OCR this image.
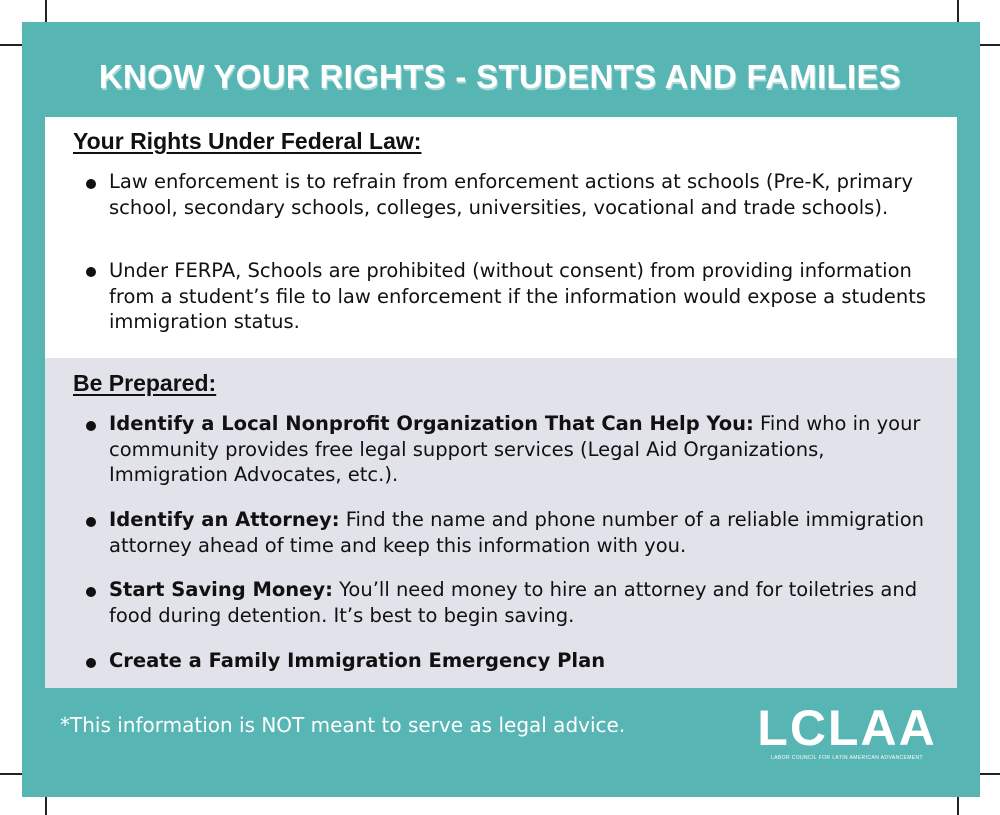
KNOW YOUR RIGHTS - STUDENTS AND FAMILIES
Your Rights Under Federal Law:
Law enforcement is to refrain from enforcement actions at schools (Pre-K, primary school, secondary schools, colleges, universities, vocational and trade schools).
Under FERPA, Schools are prohibited (without consent) from providing information from a student’s file to law enforcement if the information would expose a students immigration status.
Be Prepared:
Identify a Local Nonprofit Organization That Can Help You: Find who in your community provides free legal support services (Legal Aid Organizations, Immigration Advocates, etc.).
Identify an Attorney: Find the name and phone number of a reliable immigration attorney ahead of time and keep this information with you.
Start Saving Money: You’ll need money to hire an attorney and for toiletries and food during detention. It’s best to begin saving.
Create a Family Immigration Emergency Plan
*This information is NOT meant to serve as legal advice.	LCLAA
LABOR COUNCIL FOR LATIN AMERICAN ADVANCEMENT
